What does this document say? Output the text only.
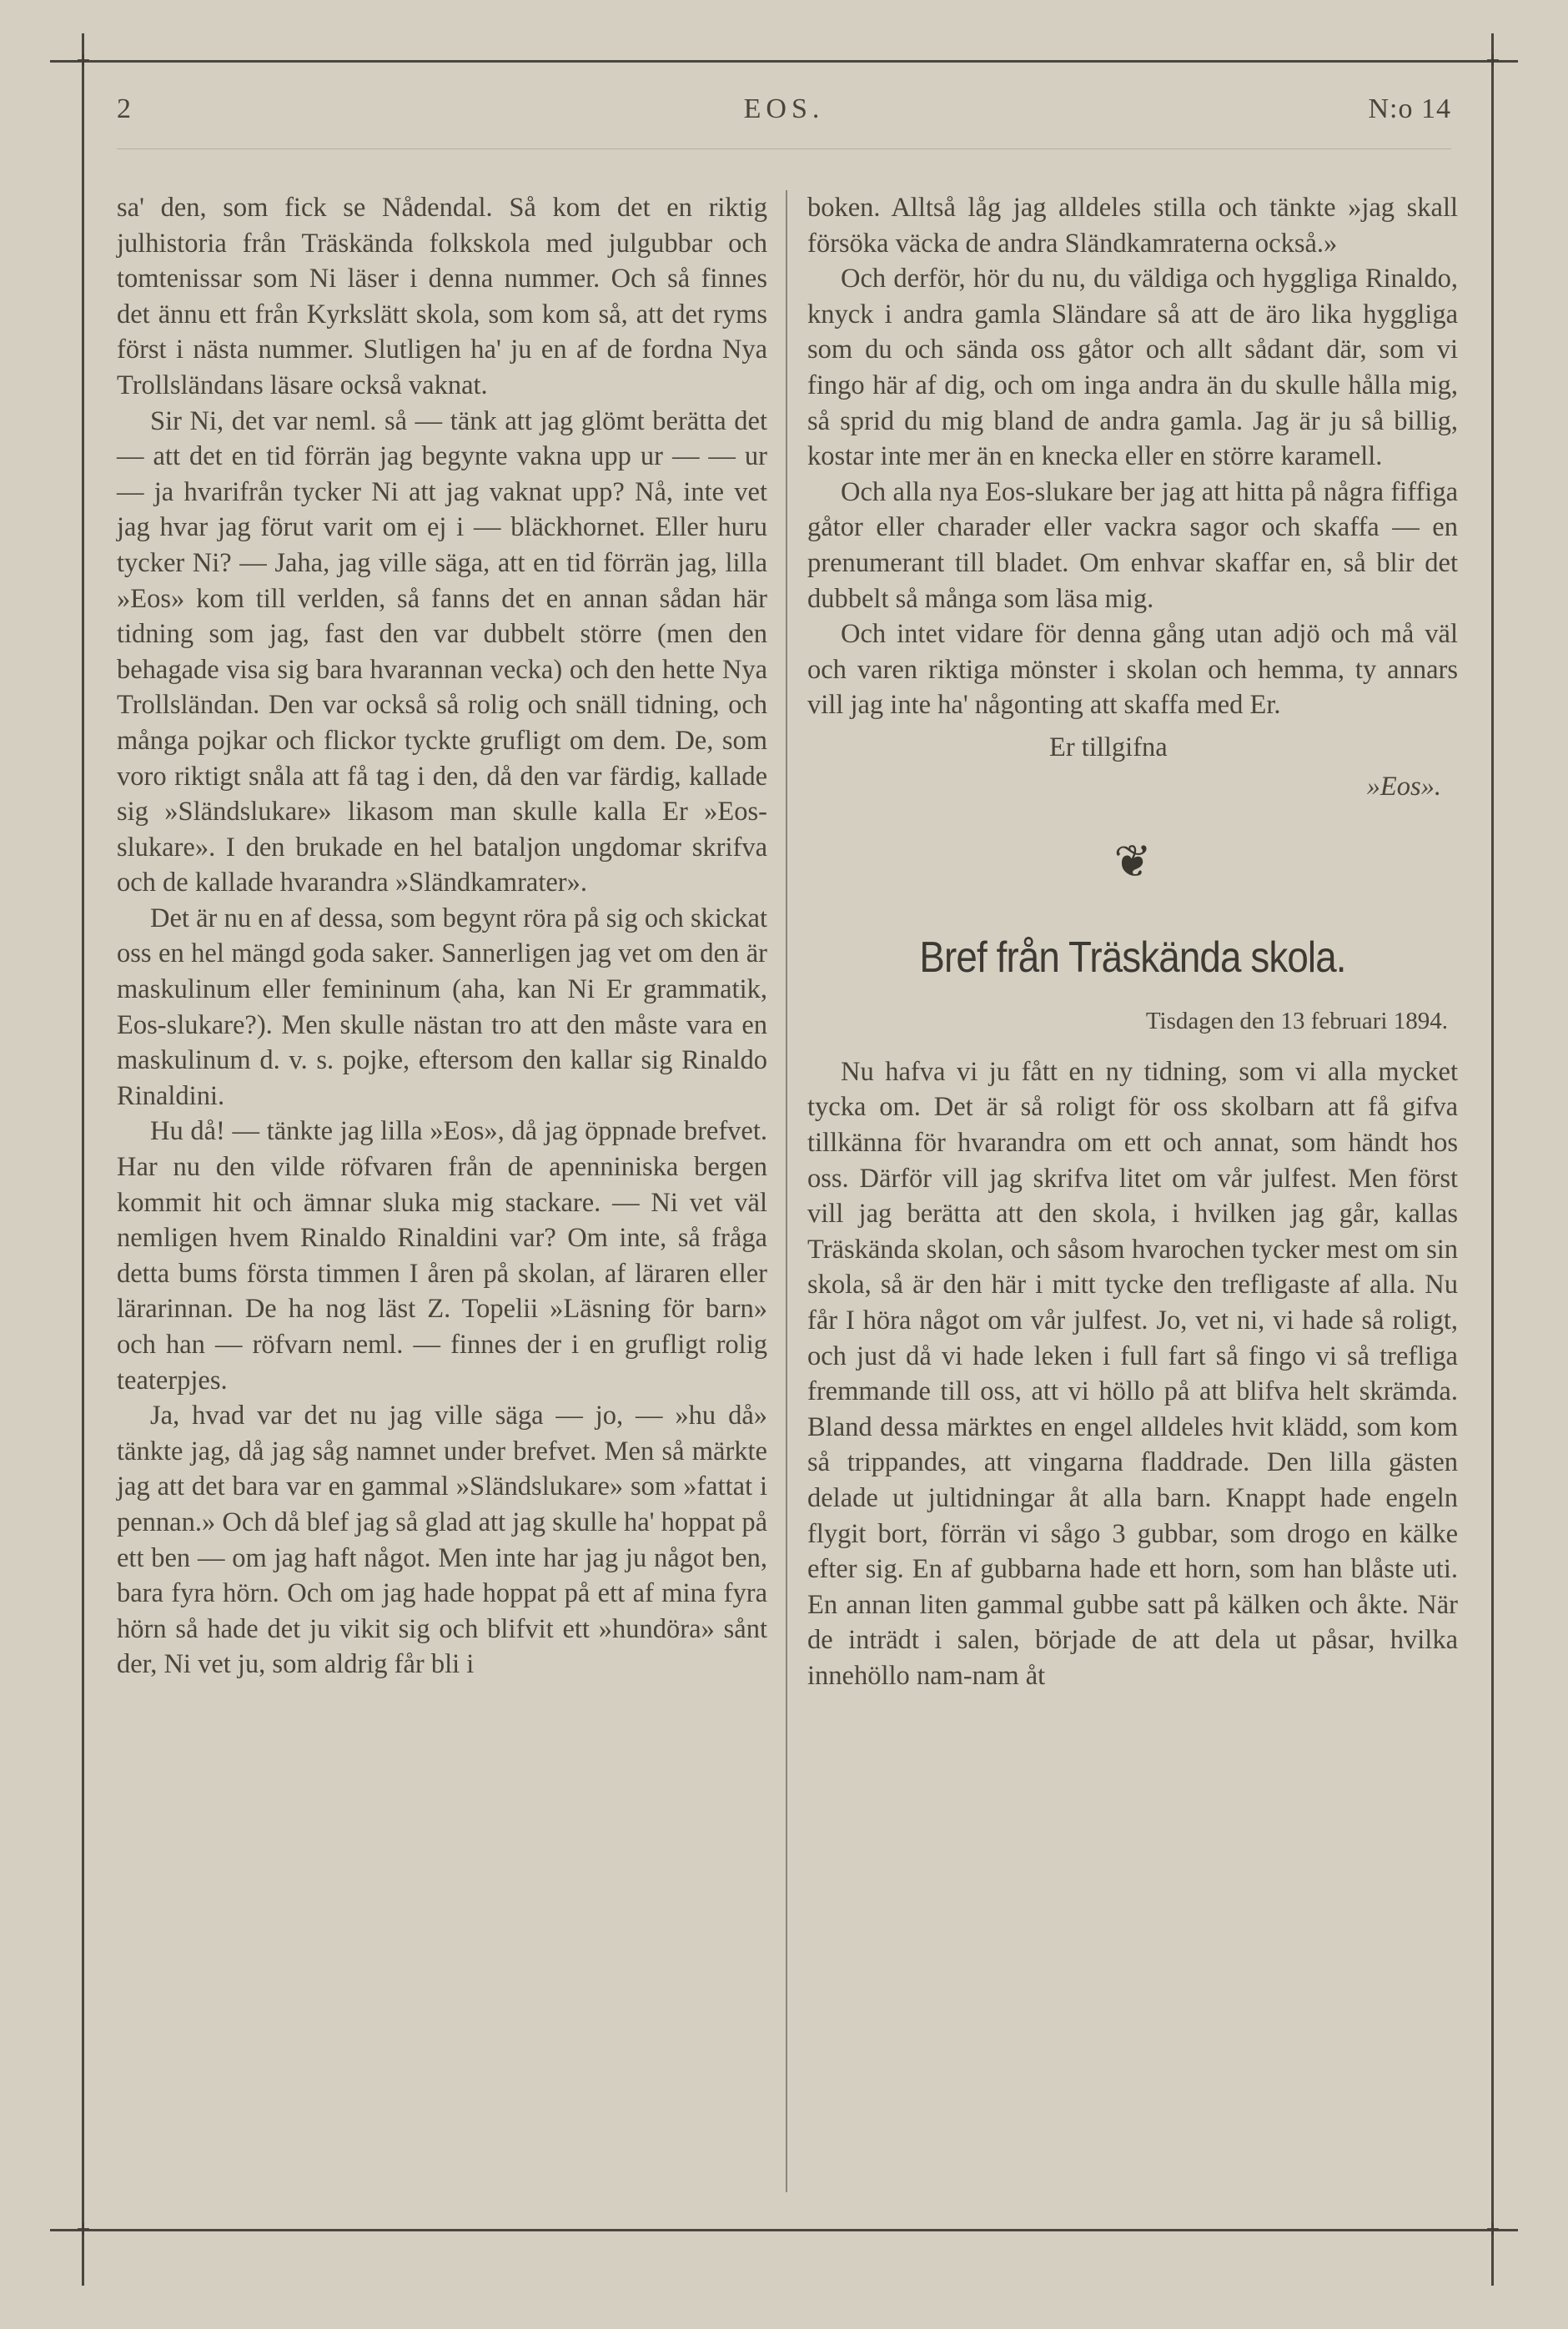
+	+
+	+
2	EOS.	N:o 14

sa' den, som fick se Nådendal. Så kom det en riktig julhistoria från Träskända folkskola med julgubbar och tomtenissar som Ni läser i denna nummer. Och så finnes det ännu ett från Kyrkslätt skola, som kom så, att det ryms först i nästa nummer. Slutligen ha' ju en af de fordna Nya Trollsländans läsare också vaknat.

Sir Ni, det var neml. så — tänk att jag glömt berätta det — att det en tid förrän jag begynte vakna upp ur — — ur — ja hvarifrån tycker Ni att jag vaknat upp? Nå, inte vet jag hvar jag förut varit om ej i — bläckhornet. Eller huru tycker Ni? — Jaha, jag ville säga, att en tid förrän jag, lilla »Eos» kom till verlden, så fanns det en annan sådan här tidning som jag, fast den var dubbelt större (men den behagade visa sig bara hvarannan vecka) och den hette Nya Trollsländan. Den var också så rolig och snäll tidning, och många pojkar och flickor tyckte grufligt om dem. De, som voro riktigt snåla att få tag i den, då den var färdig, kallade sig »Sländslukare» likasom man skulle kalla Er »Eos-slukare». I den brukade en hel bataljon ungdomar skrifva och de kallade hvarandra »Sländkamrater».

Det är nu en af dessa, som begynt röra på sig och skickat oss en hel mängd goda saker. Sannerligen jag vet om den är maskulinum eller femininum (aha, kan Ni Er grammatik, Eos-slukare?). Men skulle nästan tro att den måste vara en maskulinum d. v. s. pojke, eftersom den kallar sig Rinaldo Rinaldini.

Hu då! — tänkte jag lilla »Eos», då jag öppnade brefvet. Har nu den vilde röfvaren från de apenniniska bergen kommit hit och ämnar sluka mig stackare. — Ni vet väl nemligen hvem Rinaldo Rinaldini var? Om inte, så fråga detta bums första timmen I åren på skolan, af läraren eller lärarinnan. De ha nog läst Z. Topelii »Läsning för barn» och han — röfvarn neml. — finnes der i en grufligt rolig teaterpjes.

Ja, hvad var det nu jag ville säga — jo, — »hu då» tänkte jag, då jag såg namnet under brefvet. Men så märkte jag att det bara var en gammal »Sländslukare» som »fattat i pennan.» Och då blef jag så glad att jag skulle ha' hoppat på ett ben — om jag haft något. Men inte har jag ju något ben, bara fyra hörn. Och om jag hade hoppat på ett af mina fyra hörn så hade det ju vikit sig och blifvit ett »hundöra» sånt der, Ni vet ju, som aldrig får bli i

boken. Alltså låg jag alldeles stilla och tänkte »jag skall försöka väcka de andra Sländkamraterna också.»

Och derför, hör du nu, du väldiga och hyggliga Rinaldo, knyck i andra gamla Sländare så att de äro lika hyggliga som du och sända oss gåtor och allt sådant där, som vi fingo här af dig, och om inga andra än du skulle hålla mig, så sprid du mig bland de andra gamla. Jag är ju så billig, kostar inte mer än en knecka eller en större karamell.

Och alla nya Eos-slukare ber jag att hitta på några fiffiga gåtor eller charader eller vackra sagor och skaffa — en prenumerant till bladet. Om enhvar skaffar en, så blir det dubbelt så många som läsa mig.

Och intet vidare för denna gång utan adjö och må väl och varen riktiga mönster i skolan och hemma, ty annars vill jag inte ha' någonting att skaffa med Er.

Er tillgifna
»Eos».
❦
Bref från Träskända skola.
Tisdagen den 13 februari 1894.

Nu hafva vi ju fått en ny tidning, som vi alla mycket tycka om. Det är så roligt för oss skolbarn att få gifva tillkänna för hvarandra om ett och annat, som händt hos oss. Därför vill jag skrifva litet om vår julfest. Men först vill jag berätta att den skola, i hvilken jag går, kallas Träskända skolan, och såsom hvarochen tycker mest om sin skola, så är den här i mitt tycke den trefligaste af alla. Nu får I höra något om vår julfest. Jo, vet ni, vi hade så roligt, och just då vi hade leken i full fart så fingo vi så trefliga fremmande till oss, att vi höllo på att blifva helt skrämda. Bland dessa märktes en engel alldeles hvit klädd, som kom så trippandes, att vingarna fladdrade. Den lilla gästen delade ut jultidningar åt alla barn. Knappt hade engeln flygit bort, förrän vi sågo 3 gubbar, som drogo en kälke efter sig. En af gubbarna hade ett horn, som han blåste uti. En annan liten gammal gubbe satt på kälken och åkte. När de inträdt i salen, började de att dela ut påsar, hvilka innehöllo nam-nam åt
